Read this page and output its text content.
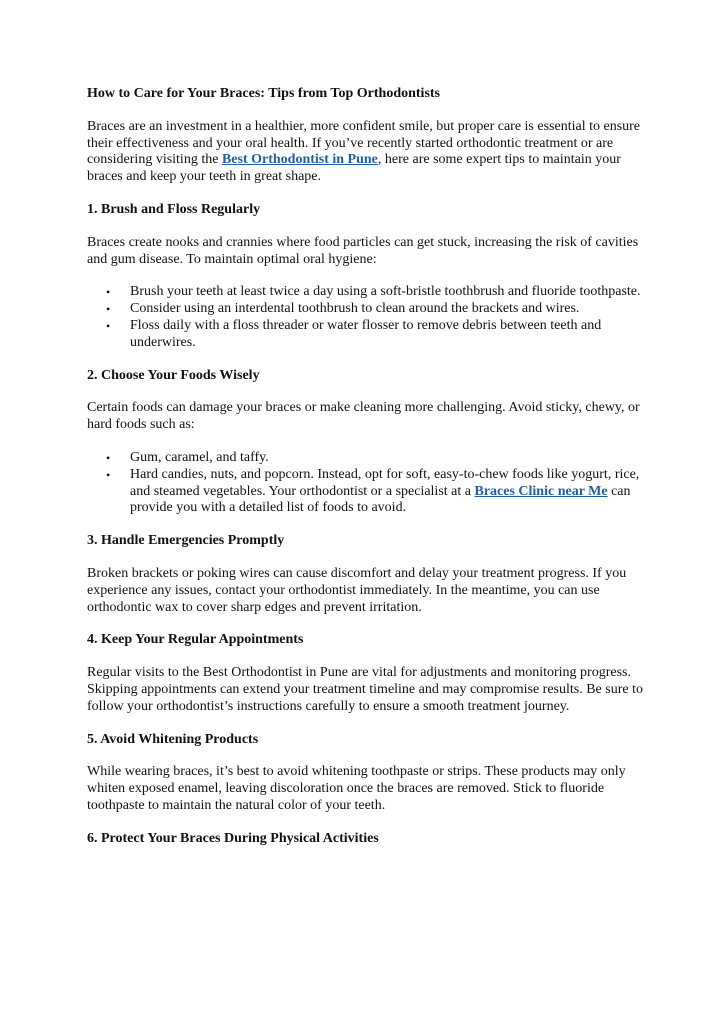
How to Care for Your Braces: Tips from Top Orthodontists

Braces are an investment in a healthier, more confident smile, but proper care is essential to ensure their effectiveness and your oral health. If you’ve recently started orthodontic treatment or are considering visiting the Best Orthodontist in Pune, here are some expert tips to maintain your braces and keep your teeth in great shape.

1. Brush and Floss Regularly

Braces create nooks and crannies where food particles can get stuck, increasing the risk of cavities and gum disease. To maintain optimal oral hygiene:

• Brush your teeth at least twice a day using a soft-bristle toothbrush and fluoride toothpaste.
• Consider using an interdental toothbrush to clean around the brackets and wires.
• Floss daily with a floss threader or water flosser to remove debris between teeth and underwires.
2. Choose Your Foods Wisely

Certain foods can damage your braces or make cleaning more challenging. Avoid sticky, chewy, or hard foods such as:

• Gum, caramel, and taffy.
• Hard candies, nuts, and popcorn. Instead, opt for soft, easy-to-chew foods like yogurt, rice, and steamed vegetables. Your orthodontist or a specialist at a Braces Clinic near Me can provide you with a detailed list of foods to avoid.
3. Handle Emergencies Promptly

Broken brackets or poking wires can cause discomfort and delay your treatment progress. If you experience any issues, contact your orthodontist immediately. In the meantime, you can use orthodontic wax to cover sharp edges and prevent irritation.

4. Keep Your Regular Appointments

Regular visits to the Best Orthodontist in Pune are vital for adjustments and monitoring progress. Skipping appointments can extend your treatment timeline and may compromise results. Be sure to follow your orthodontist’s instructions carefully to ensure a smooth treatment journey.

5. Avoid Whitening Products

While wearing braces, it’s best to avoid whitening toothpaste or strips. These products may only whiten exposed enamel, leaving discoloration once the braces are removed. Stick to fluoride toothpaste to maintain the natural color of your teeth.

6. Protect Your Braces During Physical Activities
